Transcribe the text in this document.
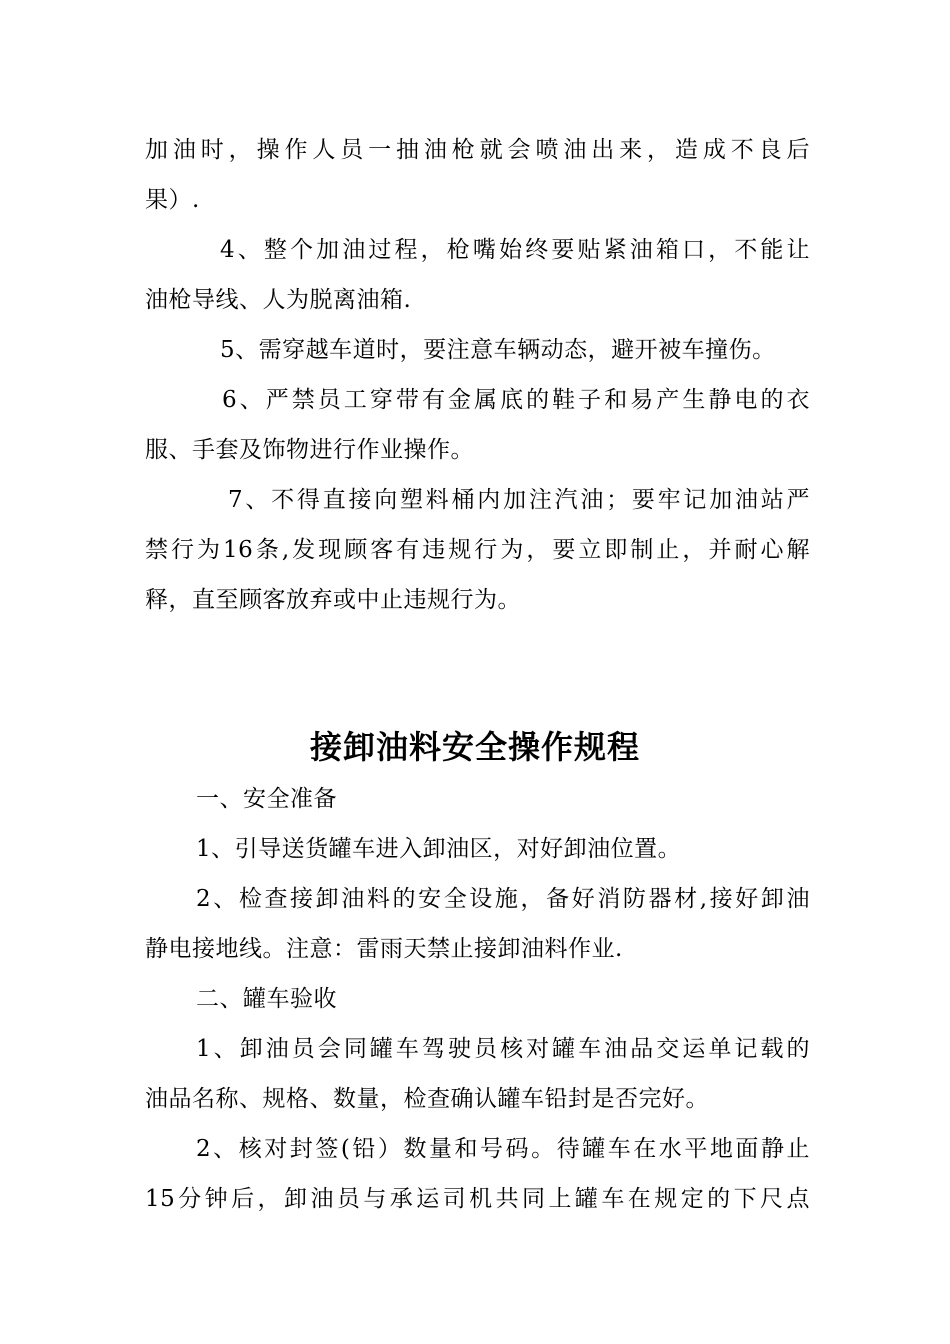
加油时，操作人员一抽油枪就会喷油出来，造成不良后
果）.
4、整个加油过程，枪嘴始终要贴紧油箱口，不能让
油枪导线、人为脱离油箱.
5、需穿越车道时，要注意车辆动态，避开被车撞伤。
6、严禁员工穿带有金属底的鞋子和易产生静电的衣
服、手套及饰物进行作业操作。
7、不得直接向塑料桶内加注汽油；要牢记加油站严
禁行为16条,发现顾客有违规行为，要立即制止，并耐心解
释，直至顾客放弃或中止违规行为。
接卸油料安全操作规程
一、安全准备
1、引导送货罐车进入卸油区，对好卸油位置。
2、检查接卸油料的安全设施，备好消防器材,接好卸油
静电接地线。注意：雷雨天禁止接卸油料作业.
二、罐车验收
1、卸油员会同罐车驾驶员核对罐车油品交运单记载的
油品名称、规格、数量，检查确认罐车铅封是否完好。
2、核对封签(铅）数量和号码。待罐车在水平地面静止
15分钟后，卸油员与承运司机共同上罐车在规定的下尺点
